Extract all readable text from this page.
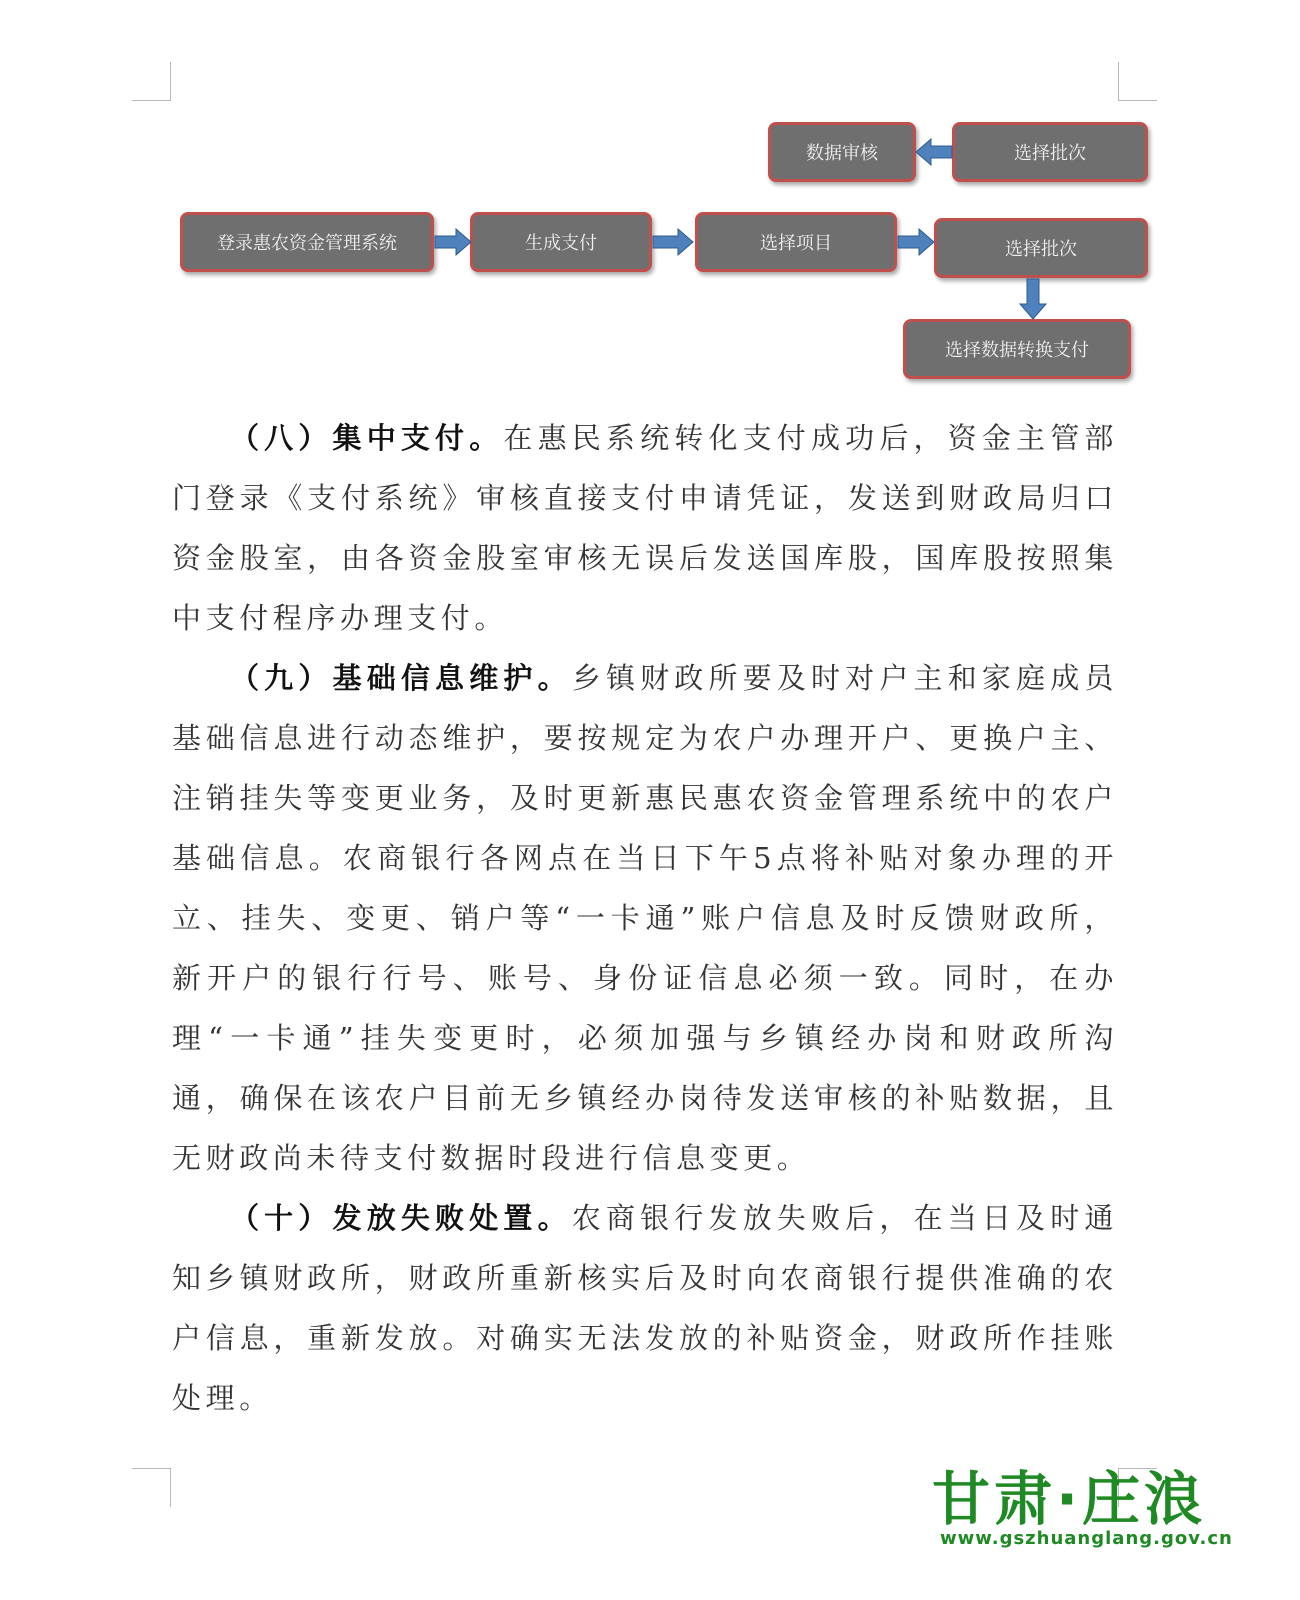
数据审核	选择批次
登录惠农资金管理系统	生成支付	选择项目	选择批次
选择数据转换支付

（八）集中支付。在惠民系统转化支付成功后，资金主管部门登录《支付系统》审核直接支付申请凭证，发送到财政局归口资金股室，由各资金股室审核无误后发送国库股，国库股按照集中支付程序办理支付。

（九）基础信息维护。乡镇财政所要及时对户主和家庭成员基础信息进行动态维护，要按规定为农户办理开户、更换户主、注销挂失等变更业务，及时更新惠民惠农资金管理系统中的农户基础信息。农商银行各网点在当日下午5点将补贴对象办理的开立、挂失、变更、销户等“一卡通”账户信息及时反馈财政所，新开户的银行行号、账号、身份证信息必须一致。同时，在办理“一卡通”挂失变更时，必须加强与乡镇经办岗和财政所沟通，确保在该农户目前无乡镇经办岗待发送审核的补贴数据，且无财政尚未待支付数据时段进行信息变更。

（十）发放失败处置。农商银行发放失败后，在当日及时通知乡镇财政所，财政所重新核实后及时向农商银行提供准确的农户信息，重新发放。对确实无法发放的补贴资金，财政所作挂账处理。

甘肃·庄浪
www.gszhuanglang.gov.cn
